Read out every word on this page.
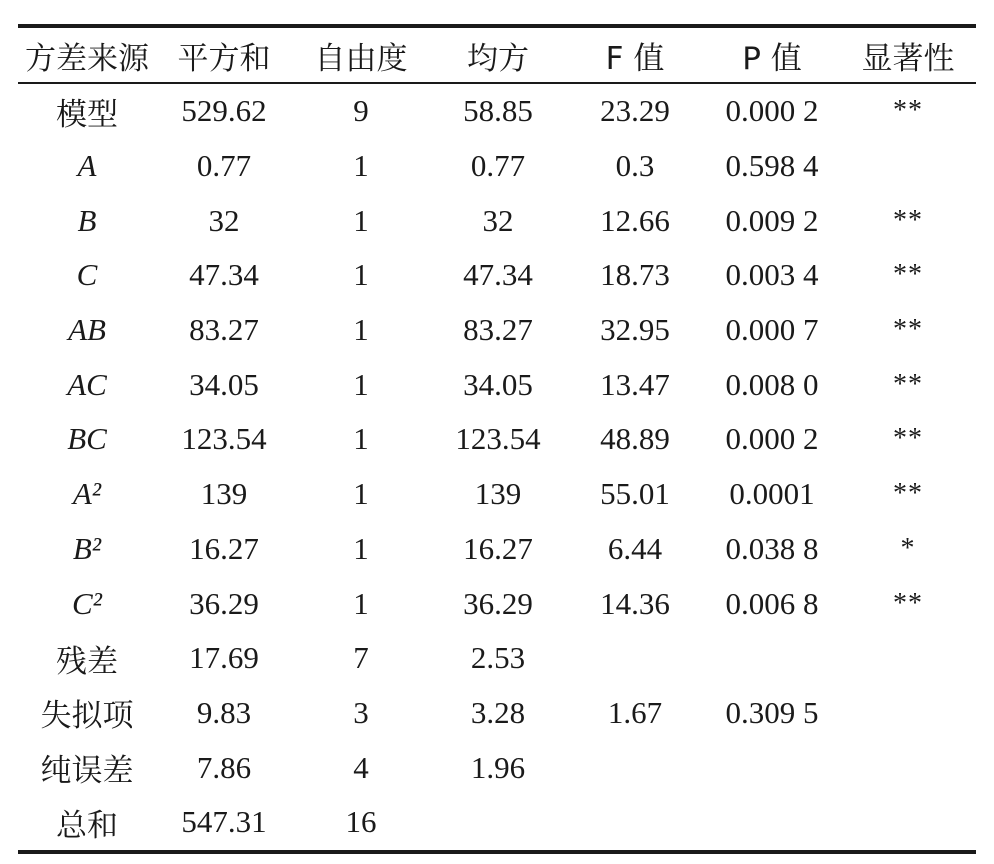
方差来源	平方和	自由度	均方	F 值	P 值	显著性
模型	529.62	9	58.85	23.29	0.000 2	**
A	0.77	1	0.77	0.3	0.598 4	
B	32	1	32	12.66	0.009 2	**
C	47.34	1	47.34	18.73	0.003 4	**
AB	83.27	1	83.27	32.95	0.000 7	**
AC	34.05	1	34.05	13.47	0.008 0	**
BC	123.54	1	123.54	48.89	0.000 2	**
A²	139	1	139	55.01	0.0001	**
B²	16.27	1	16.27	6.44	0.038 8	*
C²	36.29	1	36.29	14.36	0.006 8	**
残差	17.69	7	2.53			
失拟项	9.83	3	3.28	1.67	0.309 5	
纯误差	7.86	4	1.96			
总和	547.31	16				
